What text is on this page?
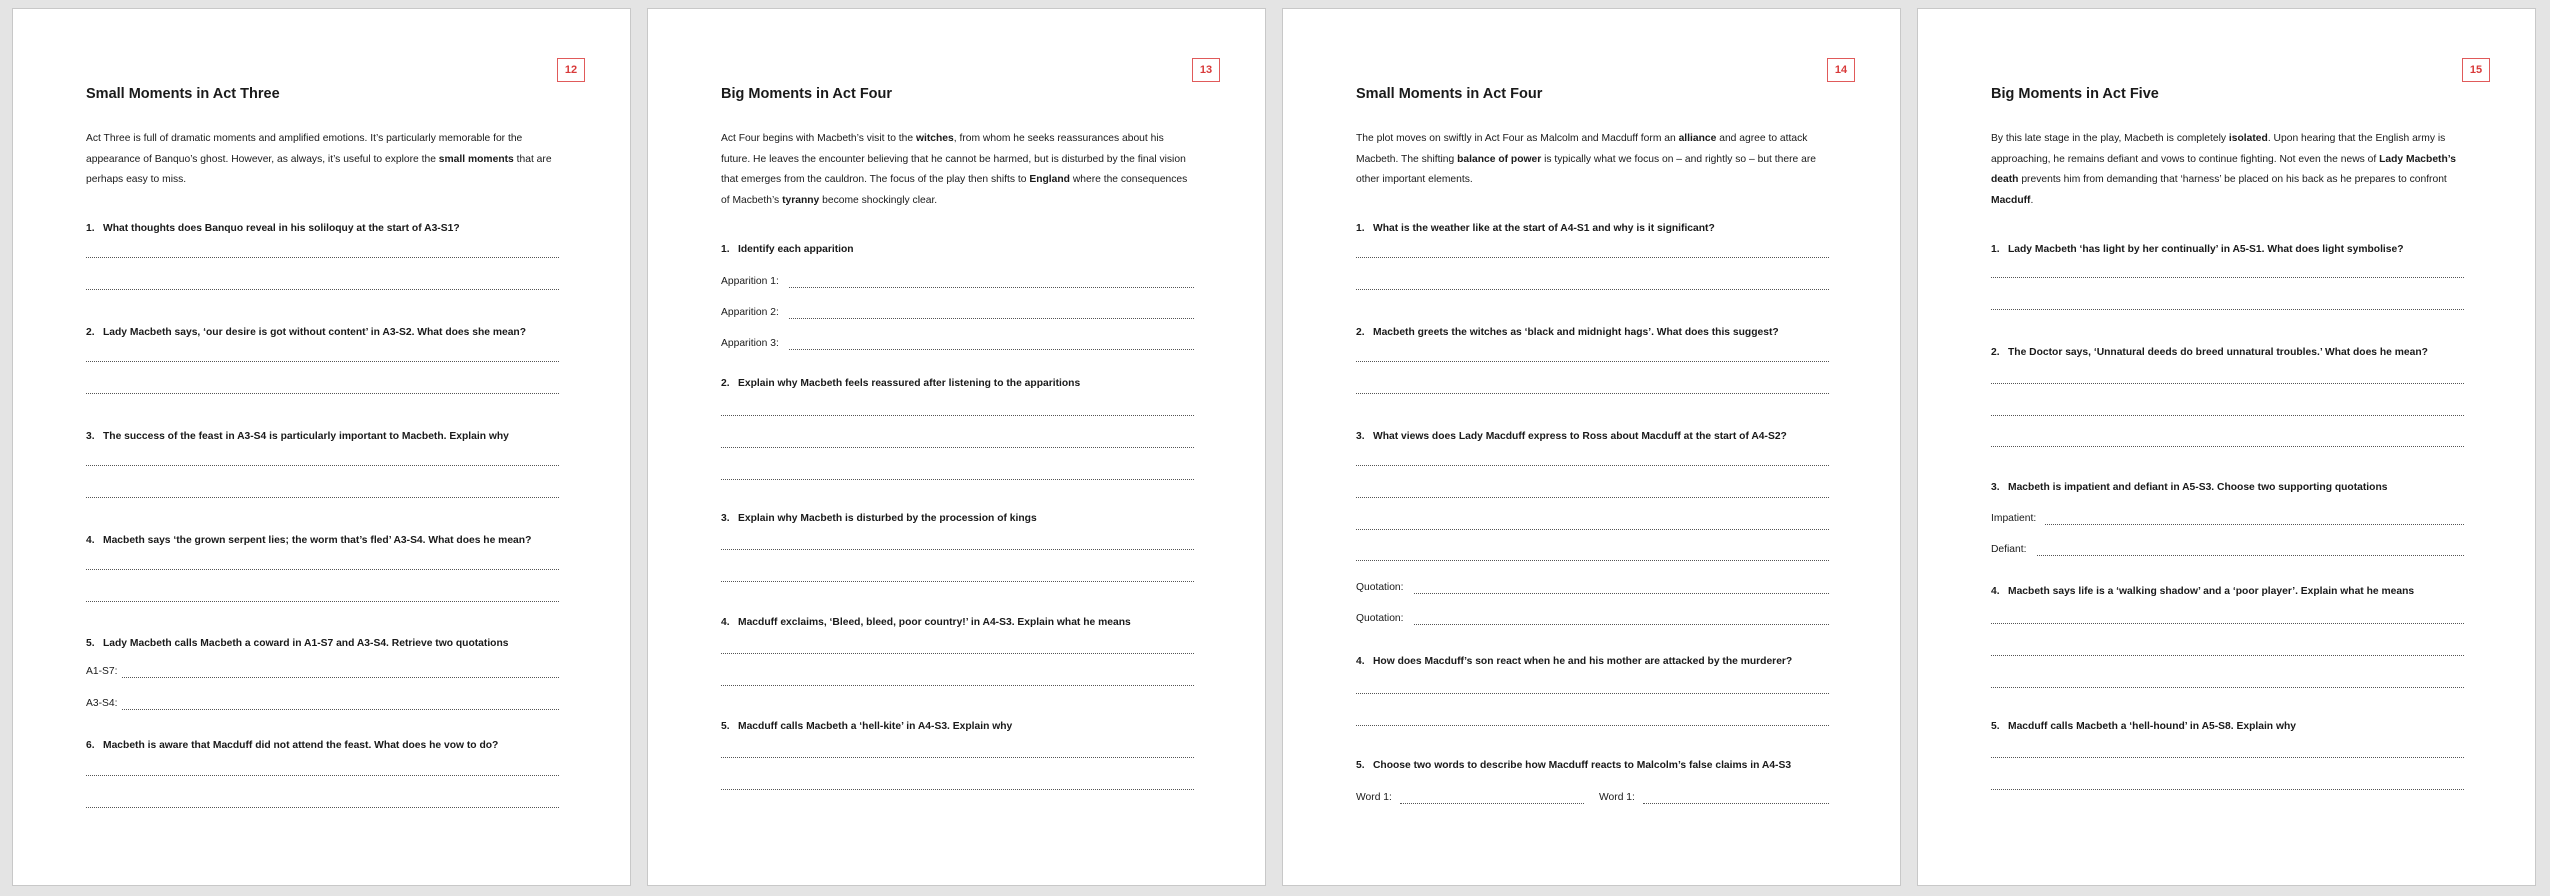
12
Small Moments in Act Three

Act Three is full of dramatic moments and amplified emotions. It’s particularly memorable for the appearance of Banquo’s ghost. However, as always, it’s useful to explore the small moments that are perhaps easy to miss.

1. What thoughts does Banquo reveal in his soliloquy at the start of A3-S1?
2. Lady Macbeth says, ‘our desire is got without content’ in A3-S2. What does she mean?
3. The success of the feast in A3-S4 is particularly important to Macbeth. Explain why
4. Macbeth says ‘the grown serpent lies; the worm that’s fled’ A3-S4. What does he mean?
5. Lady Macbeth calls Macbeth a coward in A1-S7 and A3-S4. Retrieve two quotations
A1-S7:
A3-S4:
6. Macbeth is aware that Macduff did not attend the feast. What does he vow to do?
13
Big Moments in Act Four

Act Four begins with Macbeth’s visit to the witches, from whom he seeks reassurances about his future. He leaves the encounter believing that he cannot be harmed, but is disturbed by the final vision that emerges from the cauldron. The focus of the play then shifts to England where the consequences of Macbeth’s tyranny become shockingly clear.

1. Identify each apparition
Apparition 1:
Apparition 2:
Apparition 3:
2. Explain why Macbeth feels reassured after listening to the apparitions
3. Explain why Macbeth is disturbed by the procession of kings
4. Macduff exclaims, ‘Bleed, bleed, poor country!’ in A4-S3. Explain what he means
5. Macduff calls Macbeth a ‘hell-kite’ in A4-S3. Explain why
14
Small Moments in Act Four

The plot moves on swiftly in Act Four as Malcolm and Macduff form an alliance and agree to attack Macbeth. The shifting balance of power is typically what we focus on – and rightly so – but there are other important elements.

1. What is the weather like at the start of A4-S1 and why is it significant?
2. Macbeth greets the witches as ‘black and midnight hags’. What does this suggest?
3. What views does Lady Macduff express to Ross about Macduff at the start of A4-S2?
Quotation:
Quotation:
4. How does Macduff’s son react when he and his mother are attacked by the murderer?
5. Choose two words to describe how Macduff reacts to Malcolm’s false claims in A4-S3
Word 1:	Word 1:
15
Big Moments in Act Five

By this late stage in the play, Macbeth is completely isolated. Upon hearing that the English army is approaching, he remains defiant and vows to continue fighting. Not even the news of Lady Macbeth’s death prevents him from demanding that ‘harness’ be placed on his back as he prepares to confront Macduff.

1. Lady Macbeth ‘has light by her continually’ in A5-S1. What does light symbolise?
2. The Doctor says, ‘Unnatural deeds do breed unnatural troubles.’ What does he mean?
3. Macbeth is impatient and defiant in A5-S3. Choose two supporting quotations
Impatient:
Defiant:
4. Macbeth says life is a ‘walking shadow’ and a ‘poor player’. Explain what he means
5. Macduff calls Macbeth a ‘hell-hound’ in A5-S8. Explain why
